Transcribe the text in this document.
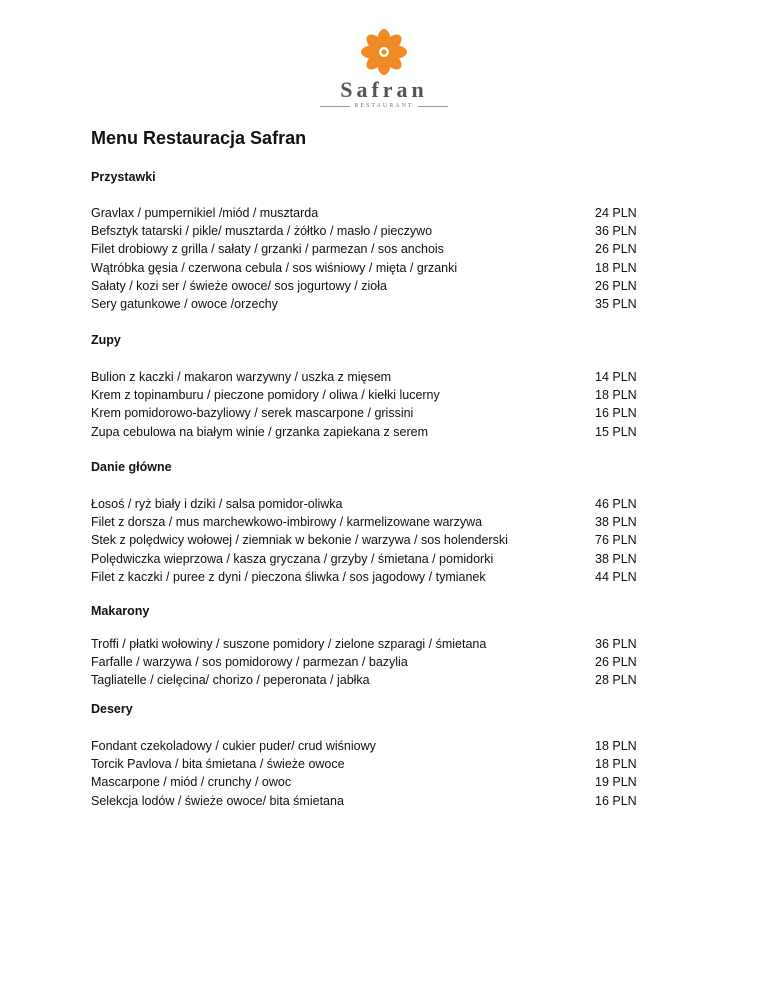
Safran
RESTAURANT
Menu Restauracja Safran
Przystawki
Gravlax / pumpernikiel /miód / musztarda	24 PLN
Befsztyk tatarski / pikle/ musztarda / żółtko / masło / pieczywo	36 PLN
Filet drobiowy z grilla / sałaty / grzanki / parmezan / sos anchois	26 PLN
Wątróbka gęsia / czerwona cebula / sos wiśniowy / mięta / grzanki	18 PLN
Sałaty / kozi ser / świeże owoce/ sos jogurtowy / zioła	26 PLN
Sery gatunkowe / owoce /orzechy	35 PLN
Zupy
Bulion z kaczki / makaron warzywny / uszka z mięsem	14 PLN
Krem z topinamburu / pieczone pomidory / oliwa / kiełki lucerny	18 PLN
Krem pomidorowo-bazyliowy / serek mascarpone / grissini	16 PLN
Zupa cebulowa na białym winie / grzanka zapiekana z serem	15 PLN
Danie główne
Łosoś / ryż biały i dziki / salsa pomidor-oliwka	46 PLN
Filet z dorsza / mus marchewkowo-imbirowy / karmelizowane warzywa	38 PLN
Stek z polędwicy wołowej / ziemniak w bekonie / warzywa / sos holenderski	76 PLN
Polędwiczka wieprzowa / kasza gryczana / grzyby / śmietana / pomidorki	38 PLN
Filet z kaczki / puree z dyni / pieczona śliwka / sos jagodowy / tymianek	44 PLN
Makarony
Troffi / płatki wołowiny / suszone pomidory / zielone szparagi / śmietana	36 PLN
Farfalle / warzywa / sos pomidorowy / parmezan / bazylia	26 PLN
Tagliatelle / cielęcina/ chorizo / peperonata / jabłka	28 PLN
Desery
Fondant czekoladowy / cukier puder/ crud wiśniowy	18 PLN
Torcik Pavlova / bita śmietana / świeże owoce	18 PLN
Mascarpone / miód / crunchy / owoc	19 PLN
Selekcja lodów / świeże owoce/ bita śmietana	16 PLN
